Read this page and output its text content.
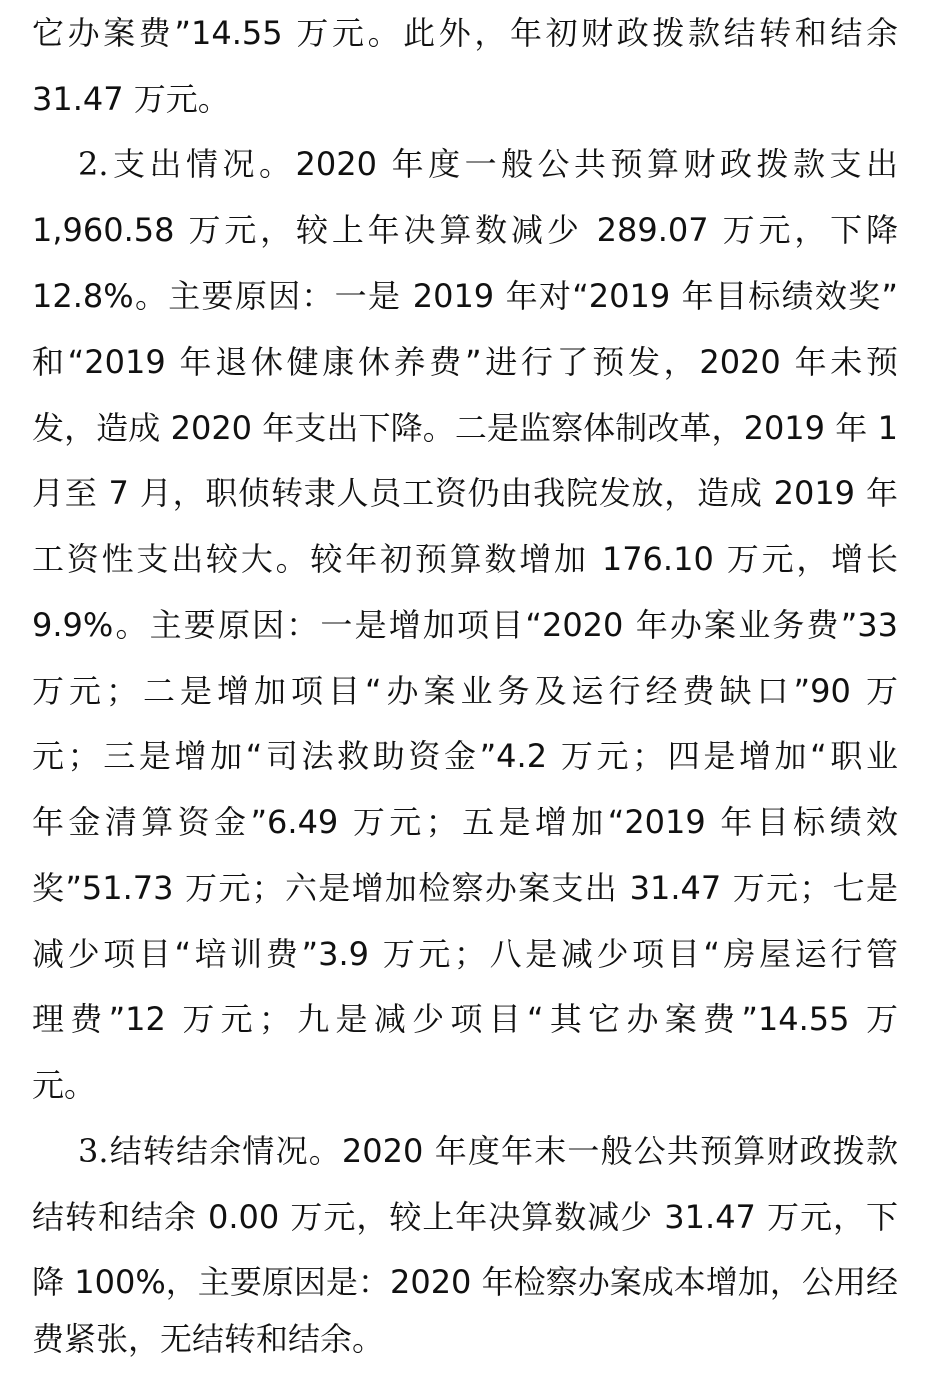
它办案费”14.55 万元。此外，年初财政拨款结转和结余
31.47 万元。
2.支出情况。2020 年度一般公共预算财政拨款支出
1,960.58 万元，较上年决算数减少 289.07 万元，下降
12.8%。主要原因：一是 2019 年对“2019 年目标绩效奖”
和“2019 年退休健康休养费”进行了预发，2020 年未预
发，造成 2020 年支出下降。二是监察体制改革，2019 年 1
月至 7 月，职侦转隶人员工资仍由我院发放，造成 2019 年
工资性支出较大。较年初预算数增加 176.10 万元，增长
9.9%。主要原因：一是增加项目“2020 年办案业务费”33
万元；二是增加项目“办案业务及运行经费缺口”90 万
元；三是增加“司法救助资金”4.2 万元；四是增加“职业
年金清算资金”6.49 万元；五是增加“2019 年目标绩效
奖”51.73 万元；六是增加检察办案支出 31.47 万元；七是
减少项目“培训费”3.9 万元；八是减少项目“房屋运行管
理费”12 万元；九是减少项目“其它办案费”14.55 万
元。
3.结转结余情况。2020 年度年末一般公共预算财政拨款
结转和结余 0.00 万元，较上年决算数减少 31.47 万元，下
降 100%，主要原因是：2020 年检察办案成本增加，公用经
费紧张，无结转和结余。
